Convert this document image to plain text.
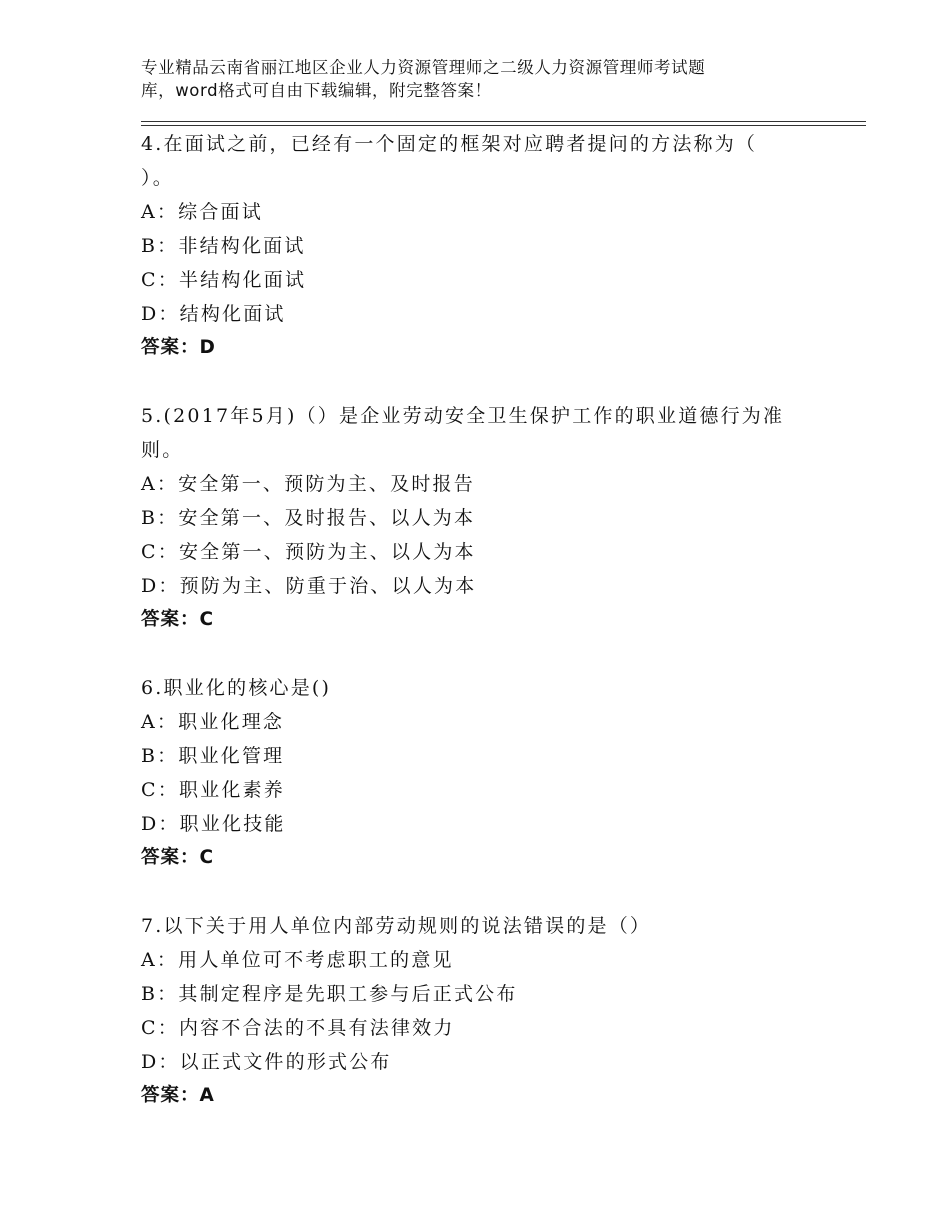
专业精品云南省丽江地区企业人力资源管理师之二级人力资源管理师考试题
库，word格式可自由下载编辑，附完整答案！
4.在面试之前，已经有一个固定的框架对应聘者提问的方法称为（
）。
A：综合面试
B：非结构化面试
C：半结构化面试
D：结构化面试
答案：D
5.(2017年5月)（）是企业劳动安全卫生保护工作的职业道德行为准
则。
A：安全第一、预防为主、及时报告
B：安全第一、及时报告、以人为本
C：安全第一、预防为主、以人为本
D：预防为主、防重于治、以人为本
答案：C
6.职业化的核心是()
A：职业化理念
B：职业化管理
C：职业化素养
D：职业化技能
答案：C
7.以下关于用人单位内部劳动规则的说法错误的是（）
A：用人单位可不考虑职工的意见
B：其制定程序是先职工参与后正式公布
C：内容不合法的不具有法律效力
D：以正式文件的形式公布
答案：A
